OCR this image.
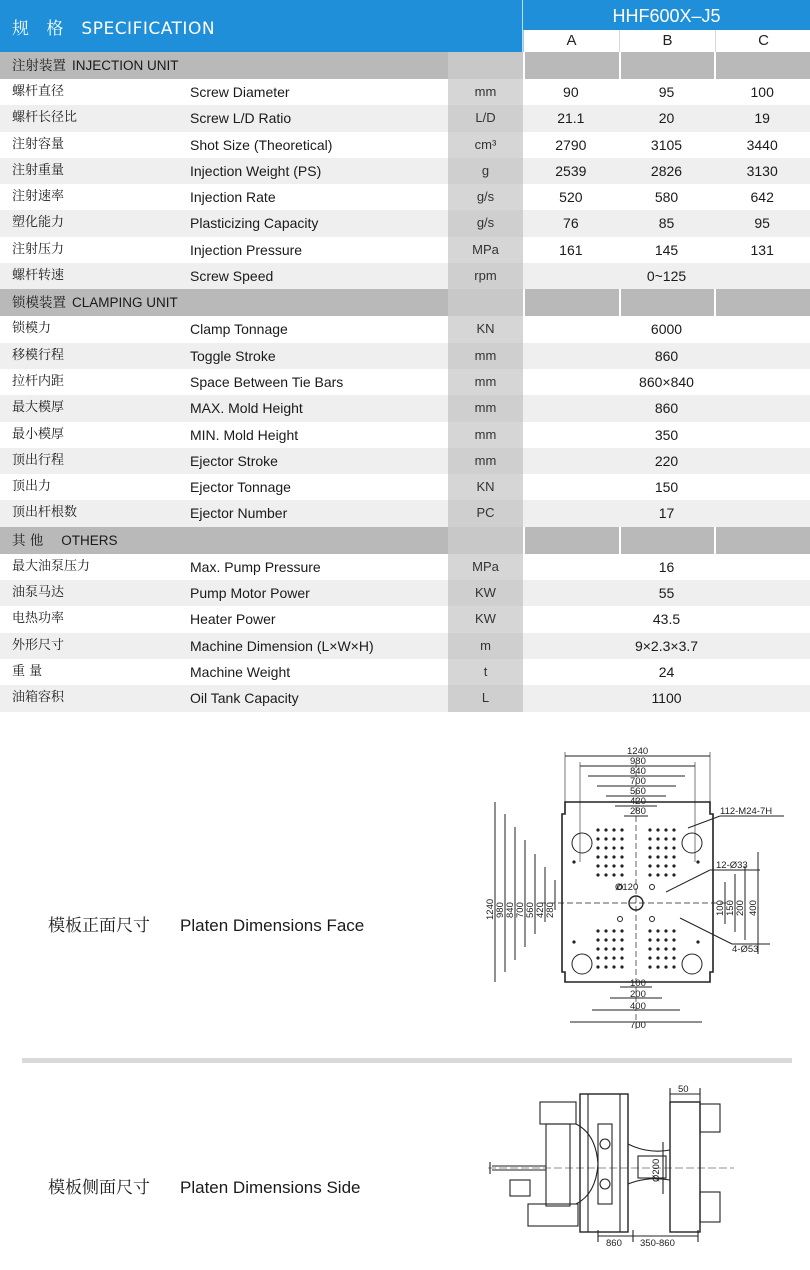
规 格 SPECIFICATION
HHF600X–J5
A	B	C
注射装置 INJECTION UNIT
螺杆直径	Screw Diameter	mm	90	95	100
螺杆长径比	Screw L/D Ratio	L/D	21.1	20	19
注射容量	Shot Size (Theoretical)	cm³	2790	3105	3440
注射重量	Injection Weight (PS)	g	2539	2826	3130
注射速率	Injection Rate	g/s	520	580	642
塑化能力	Plasticizing Capacity	g/s	76	85	95
注射压力	Injection Pressure	MPa	161	145	131
螺杆转速	Screw Speed	rpm	0~125
锁模装置 CLAMPING UNIT
锁模力	Clamp Tonnage	KN	6000
移模行程	Toggle Stroke	mm	860
拉杆内距	Space Between Tie Bars	mm	860×840
最大模厚	MAX. Mold Height	mm	860
最小模厚	MIN. Mold Height	mm	350
顶出行程	Ejector Stroke	mm	220
顶出力	Ejector Tonnage	KN	150
顶出杆根数	Ejector Number	PC	17
其 他 OTHERS
最大油泵压力	Max. Pump Pressure	MPa	16
油泵马达	Pump Motor Power	KW	55
电热功率	Heater Power	KW	43.5
外形尺寸	Machine Dimension (L×W×H)	m	9×2.3×3.7
重 量	Machine Weight	t	24
油箱容积	Oil Tank Capacity	L	1100
模板正面尺寸 Platen Dimensions Face
1240
980
840
700
560
420
280
1240 980 840 700 560 420 280	100 150 200 400
100
200
400
700
112-M24-7H
12-Ø33
Ø120
4-Ø53
模板侧面尺寸 Platen Dimensions Side
50
Ø200
860 350-860
